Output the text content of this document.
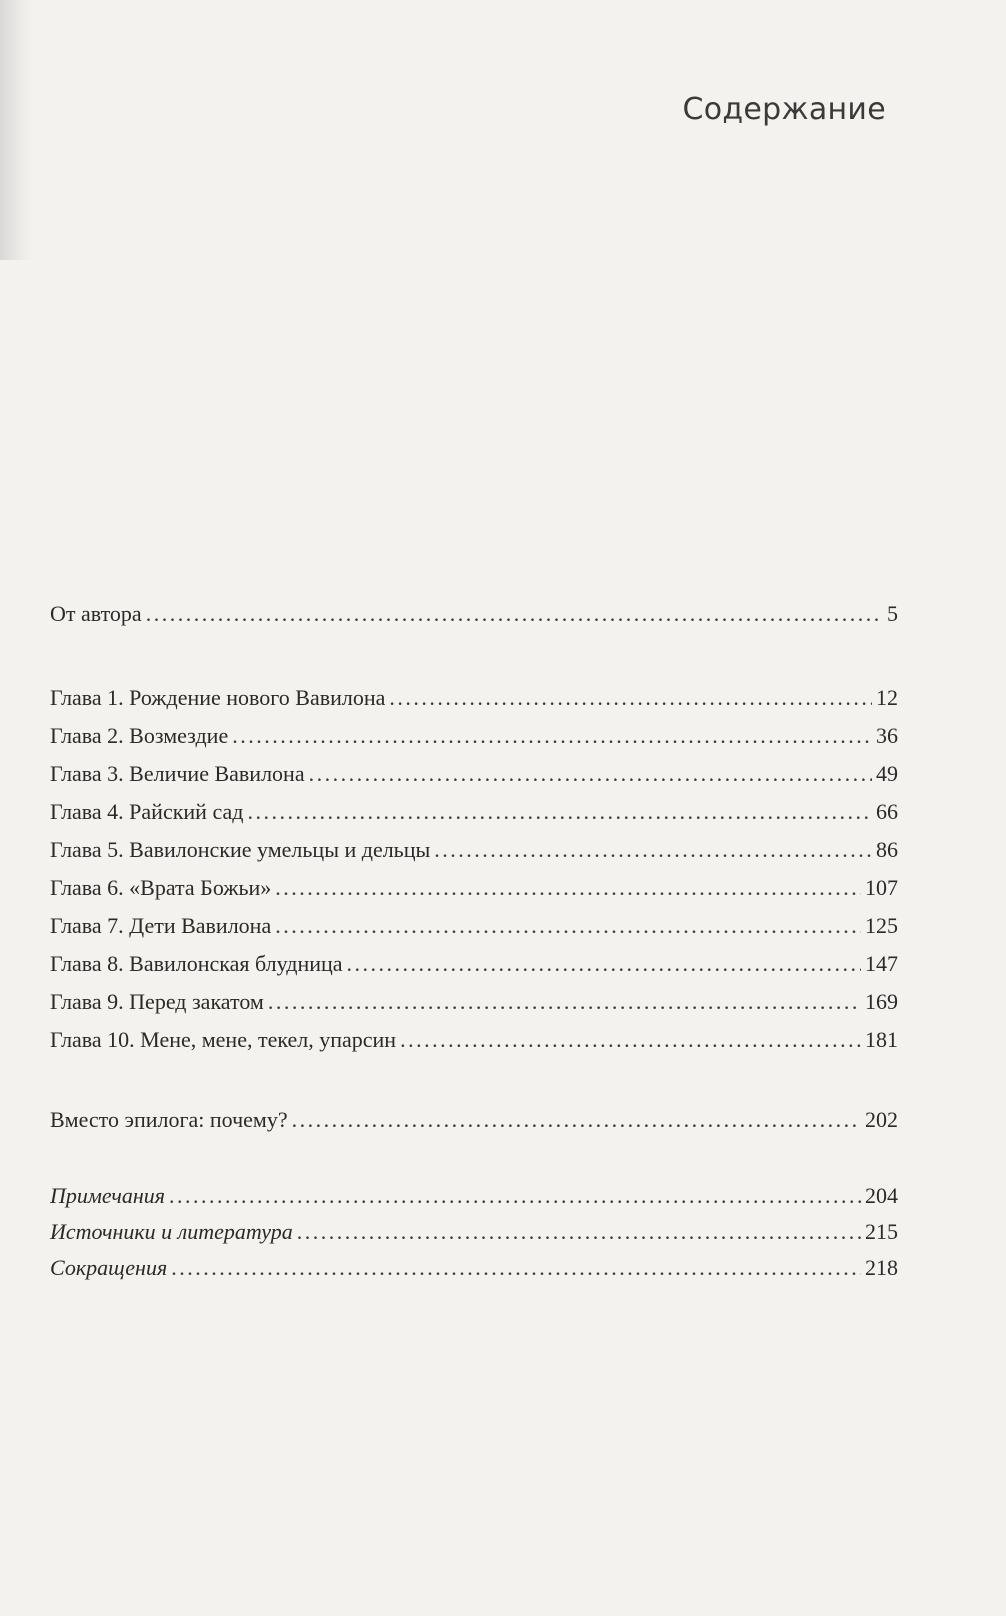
Содержание
От автора . . .	5
Глава 1. Рождение нового Вавилона . . .	12
Глава 2. Возмездие . . .	36
Глава 3. Величие Вавилона . . .	49
Глава 4. Райский сад . . .	66
Глава 5. Вавилонские умельцы и дельцы . . .	86
Глава 6. «Врата Божьи» . . .	107
Глава 7. Дети Вавилона . . .	125
Глава 8. Вавилонская блудница . . .	147
Глава 9. Перед закатом . . .	169
Глава 10. Мене, мене, текел, упарсин . . .	181
Вместо эпилога: почему? . . .	202
Примечания . . .	204
Источники и литература . . .	215
Сокращения . . .	218
